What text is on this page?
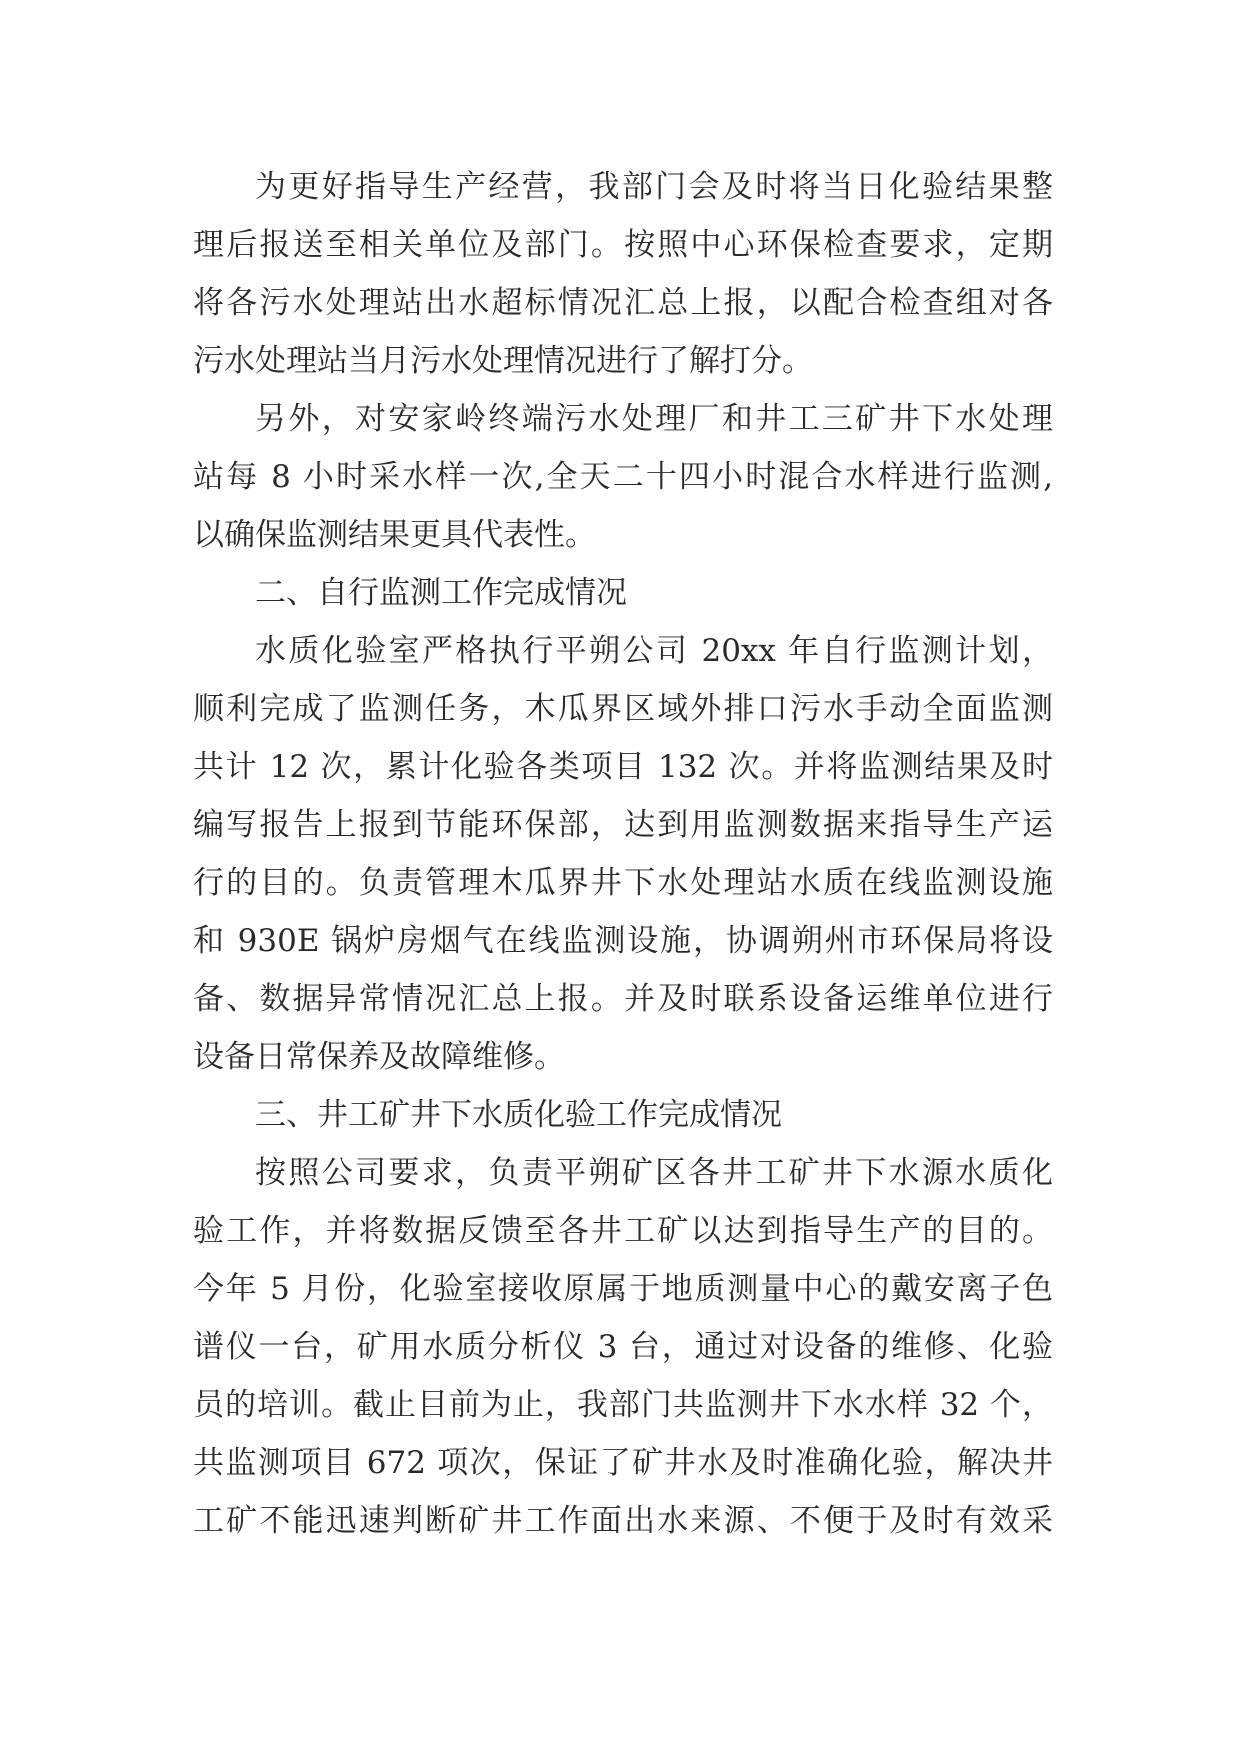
为更好指导生产经营，我部门会及时将当日化验结果整
理后报送至相关单位及部门。按照中心环保检查要求，定期
将各污水处理站出水超标情况汇总上报，以配合检查组对各
污水处理站当月污水处理情况进行了解打分。
另外，对安家岭终端污水处理厂和井工三矿井下水处理
站每 8 小时采水样一次,全天二十四小时混合水样进行监测,
以确保监测结果更具代表性。
二、自行监测工作完成情况
水质化验室严格执行平朔公司 20xx 年自行监测计划，
顺利完成了监测任务，木瓜界区域外排口污水手动全面监测
共计 12 次，累计化验各类项目 132 次。并将监测结果及时
编写报告上报到节能环保部，达到用监测数据来指导生产运
行的目的。负责管理木瓜界井下水处理站水质在线监测设施
和 930E 锅炉房烟气在线监测设施，协调朔州市环保局将设
备、数据异常情况汇总上报。并及时联系设备运维单位进行
设备日常保养及故障维修。
三、井工矿井下水质化验工作完成情况
按照公司要求，负责平朔矿区各井工矿井下水源水质化
验工作，并将数据反馈至各井工矿以达到指导生产的目的。
今年 5 月份，化验室接收原属于地质测量中心的戴安离子色
谱仪一台，矿用水质分析仪 3 台，通过对设备的维修、化验
员的培训。截止目前为止，我部门共监测井下水水样 32 个，
共监测项目 672 项次，保证了矿井水及时准确化验，解决井
工矿不能迅速判断矿井工作面出水来源、不便于及时有效采
